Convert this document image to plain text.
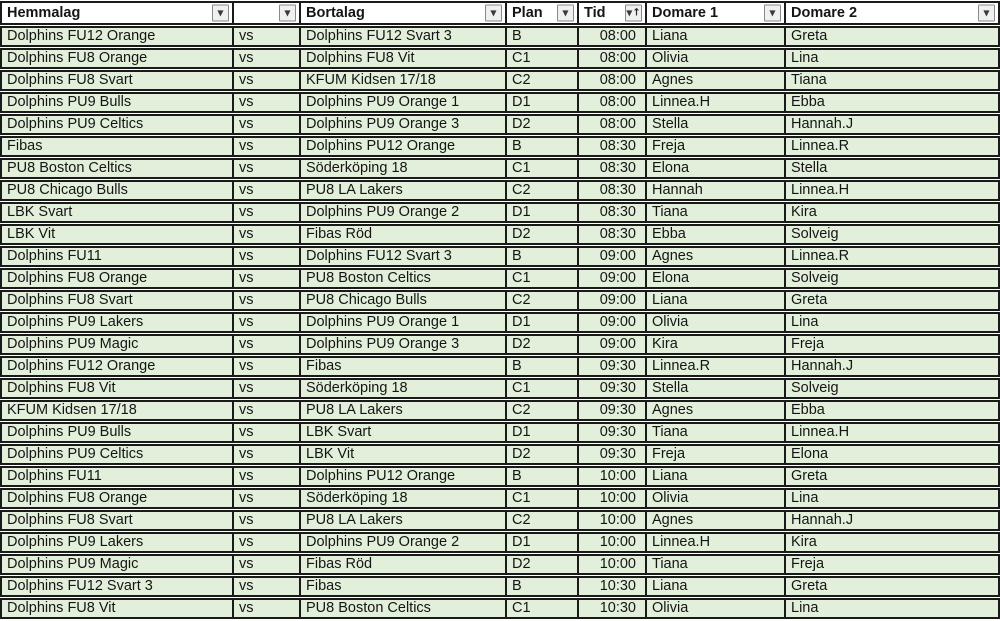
Hemmalag ▼	▼	Bortalag ▼	Plan ▼	Tid ▼ ↑	Domare 1 ▼	Domare 2 ▼

Dolphins FU12 Orange	vs	Dolphins FU12 Svart 3	B	08:00	Liana	Greta
Dolphins FU8 Orange	vs	Dolphins FU8 Vit	C1	08:00	Olivia	Lina
Dolphins FU8 Svart	vs	KFUM Kidsen 17/18	C2	08:00	Agnes	Tiana
Dolphins PU9 Bulls	vs	Dolphins PU9 Orange 1	D1	08:00	Linnea.H	Ebba
Dolphins PU9 Celtics	vs	Dolphins PU9 Orange 3	D2	08:00	Stella	Hannah.J
Fibas	vs	Dolphins PU12 Orange	B	08:30	Freja	Linnea.R
PU8 Boston Celtics	vs	Söderköping 18	C1	08:30	Elona	Stella
PU8 Chicago Bulls	vs	PU8 LA Lakers	C2	08:30	Hannah	Linnea.H
LBK Svart	vs	Dolphins PU9 Orange 2	D1	08:30	Tiana	Kira
LBK Vit	vs	Fibas Röd	D2	08:30	Ebba	Solveig
Dolphins FU11	vs	Dolphins FU12 Svart 3	B	09:00	Agnes	Linnea.R
Dolphins FU8 Orange	vs	PU8 Boston Celtics	C1	09:00	Elona	Solveig
Dolphins FU8 Svart	vs	PU8 Chicago Bulls	C2	09:00	Liana	Greta
Dolphins PU9 Lakers	vs	Dolphins PU9 Orange 1	D1	09:00	Olivia	Lina
Dolphins PU9 Magic	vs	Dolphins PU9 Orange 3	D2	09:00	Kira	Freja
Dolphins FU12 Orange	vs	Fibas	B	09:30	Linnea.R	Hannah.J
Dolphins FU8 Vit	vs	Söderköping 18	C1	09:30	Stella	Solveig
KFUM Kidsen 17/18	vs	PU8 LA Lakers	C2	09:30	Agnes	Ebba
Dolphins PU9 Bulls	vs	LBK Svart	D1	09:30	Tiana	Linnea.H
Dolphins PU9 Celtics	vs	LBK Vit	D2	09:30	Freja	Elona
Dolphins FU11	vs	Dolphins PU12 Orange	B	10:00	Liana	Greta
Dolphins FU8 Orange	vs	Söderköping 18	C1	10:00	Olivia	Lina
Dolphins FU8 Svart	vs	PU8 LA Lakers	C2	10:00	Agnes	Hannah.J
Dolphins PU9 Lakers	vs	Dolphins PU9 Orange 2	D1	10:00	Linnea.H	Kira
Dolphins PU9 Magic	vs	Fibas Röd	D2	10:00	Tiana	Freja
Dolphins FU12 Svart 3	vs	Fibas	B	10:30	Liana	Greta
Dolphins FU8 Vit	vs	PU8 Boston Celtics	C1	10:30	Olivia	Lina
